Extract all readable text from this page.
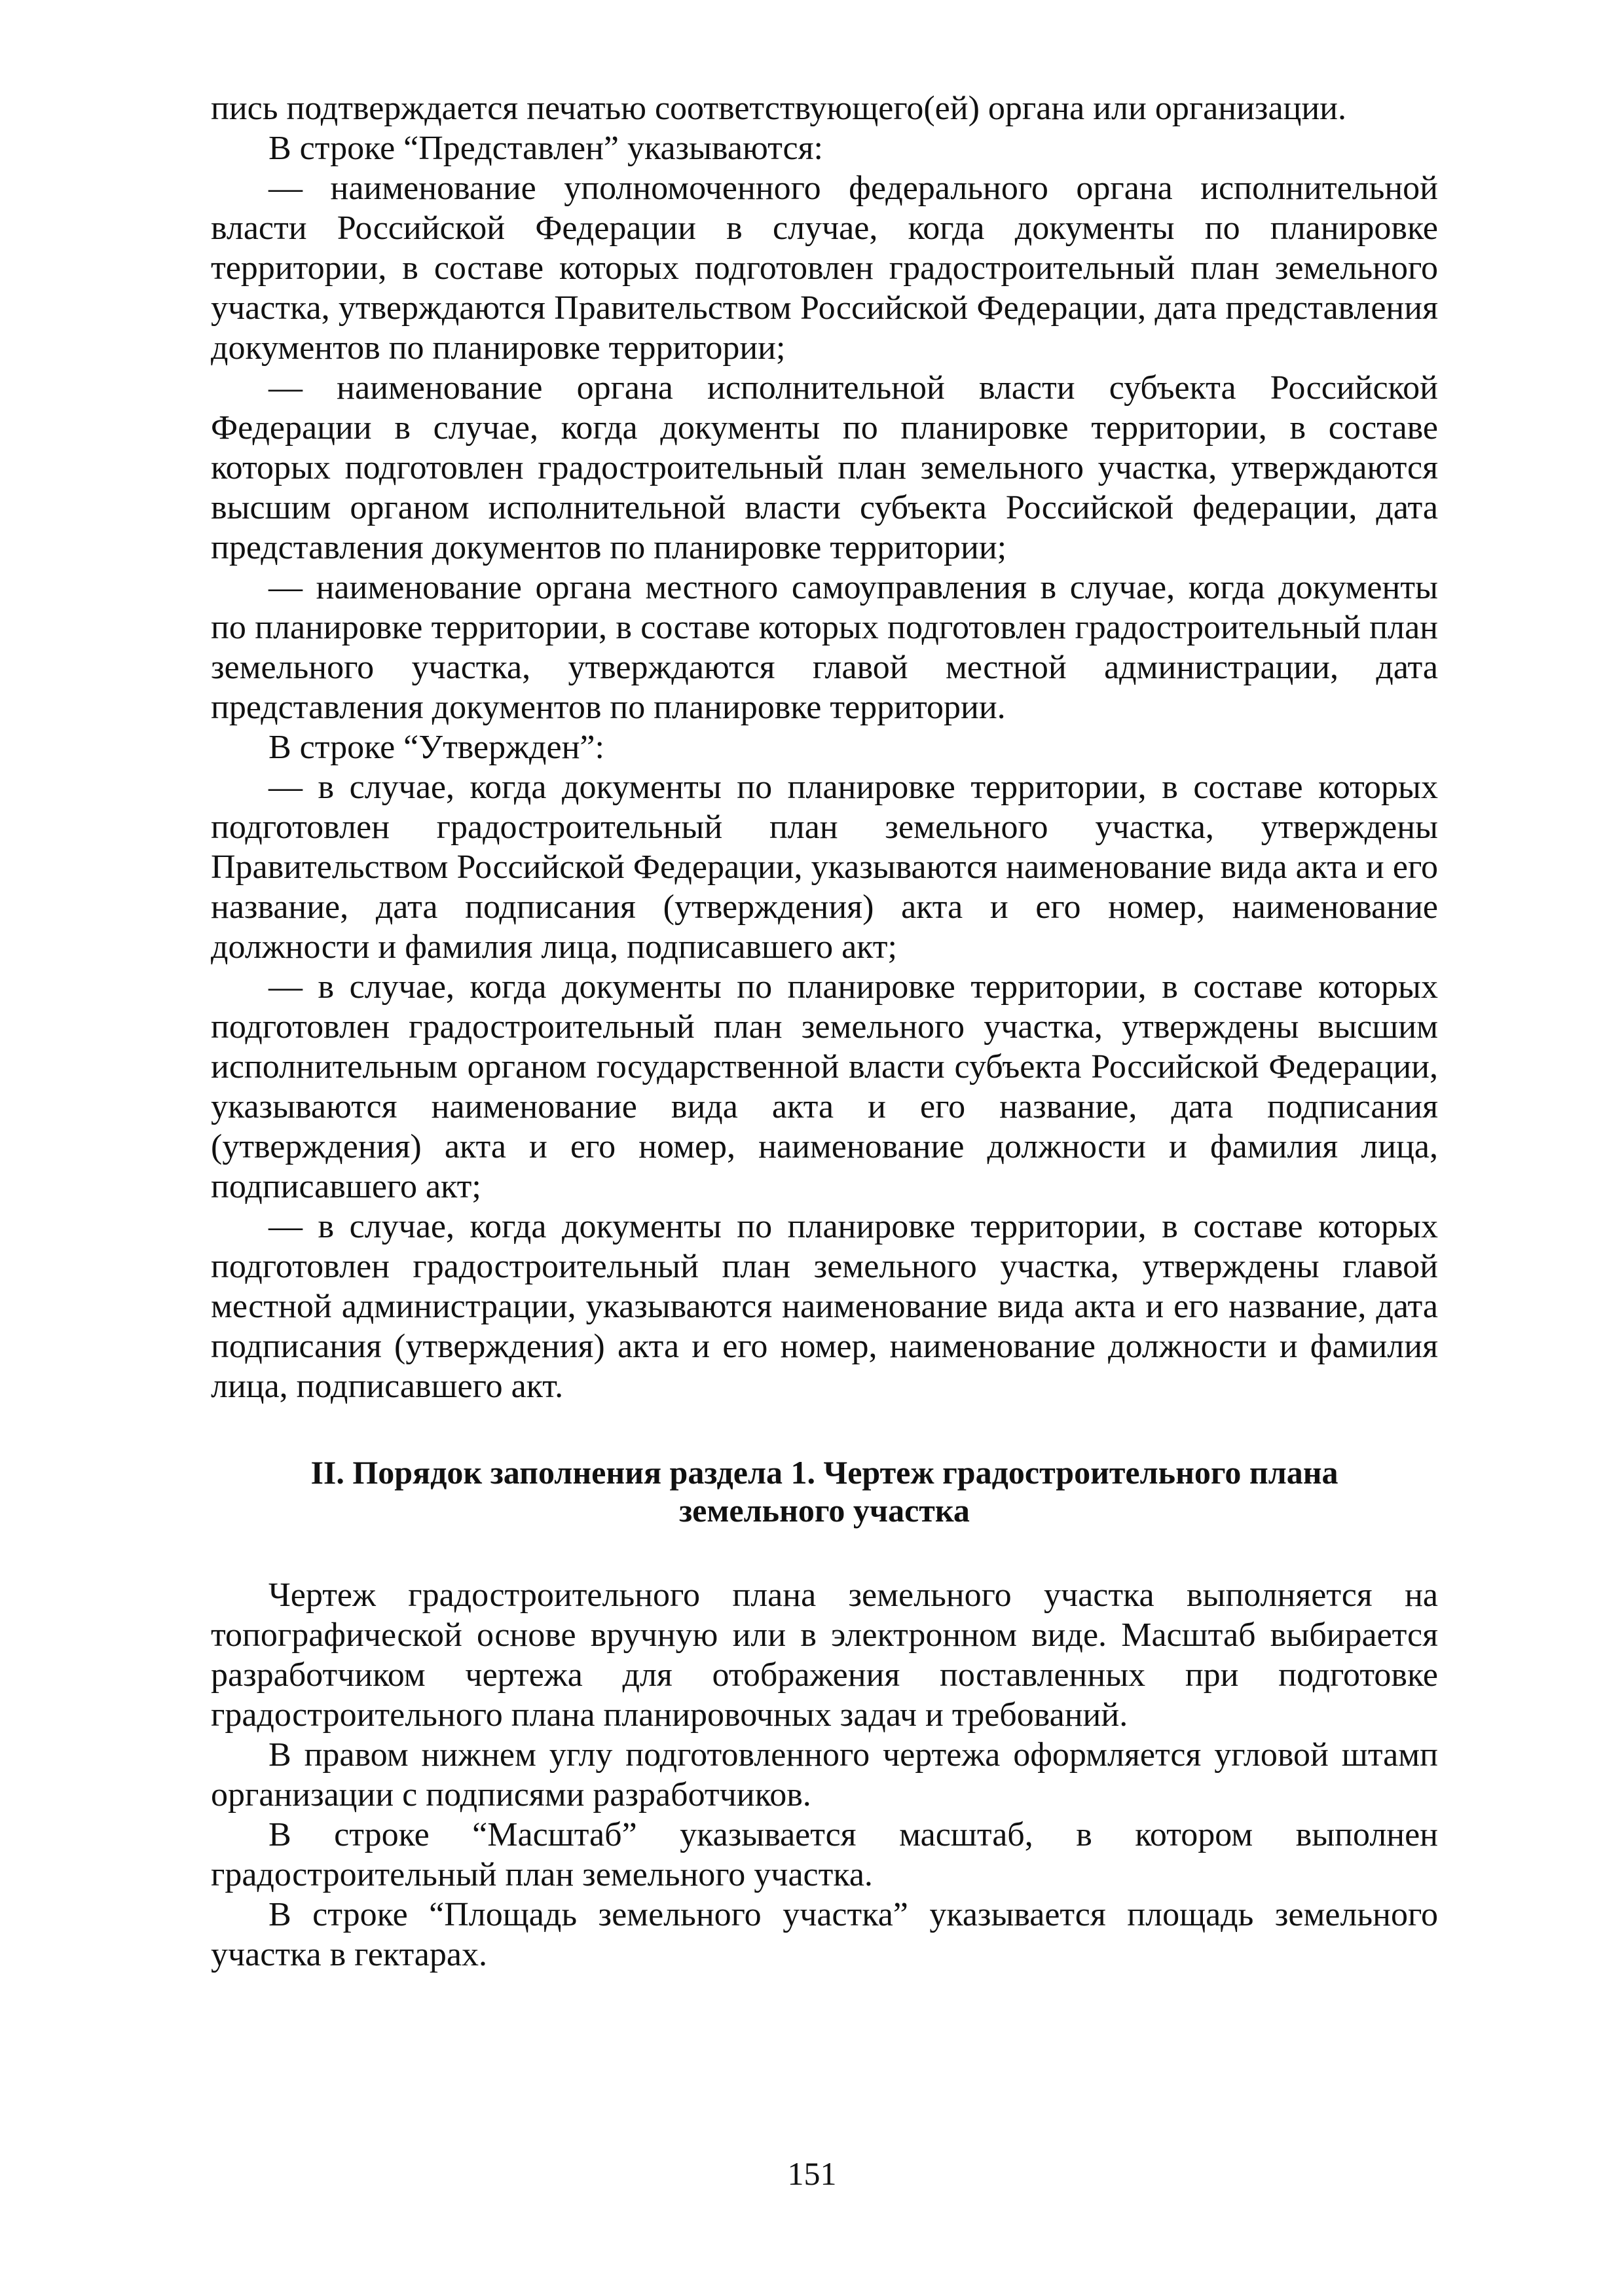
пись подтверждается печатью соответствующего(ей) органа или организации.

В строке “Представлен” указываются:

— наименование уполномоченного федерального органа исполнительной власти Российской Федерации в случае, когда документы по планировке территории, в составе которых подготовлен градостроительный план земельного участка, утверждаются Правительством Российской Федерации, дата представления документов по планировке территории;

— наименование органа исполнительной власти субъекта Российской Федерации в случае, когда документы по планировке территории, в составе которых подготовлен градостроительный план земельного участка, утверждаются высшим органом исполнительной власти субъекта Российской федерации, дата представления документов по планировке территории;

— наименование органа местного самоуправления в случае, когда документы по планировке территории, в составе которых подготовлен градостроительный план земельного участка, утверждаются главой местной администрации, дата представления документов по планировке территории.

В строке “Утвержден”:

— в случае, когда документы по планировке территории, в составе которых подготовлен градостроительный план земельного участка, утверждены Правительством Российской Федерации, указываются наименование вида акта и его название, дата подписания (утверждения) акта и его номер, наименование должности и фамилия лица, подписавшего акт;

— в случае, когда документы по планировке территории, в составе которых подготовлен градостроительный план земельного участка, утверждены высшим исполнительным органом государственной власти субъекта Российской Федерации, указываются наименование вида акта и его название, дата подписания (утверждения) акта и его номер, наименование должности и фамилия лица, подписавшего акт;

— в случае, когда документы по планировке территории, в составе которых подготовлен градостроительный план земельного участка, утверждены главой местной администрации, указываются наименование вида акта и его название, дата подписания (утверждения) акта и его номер, наименование должности и фамилия лица, подписавшего акт.

II. Порядок заполнения раздела 1. Чертеж градостроительного плана
земельного участка

Чертеж градостроительного плана земельного участка выполняется на топографической основе вручную или в электронном виде. Масштаб выбирается разработчиком чертежа для отображения поставленных при подготовке градостроительного плана планировочных задач и требований.

В правом нижнем углу подготовленного чертежа оформляется угловой штамп организации с подписями разработчиков.

В строке “Масштаб” указывается масштаб, в котором выполнен градостроительный план земельного участка.

В строке “Площадь земельного участка” указывается площадь земельного участка в гектарах.

151
